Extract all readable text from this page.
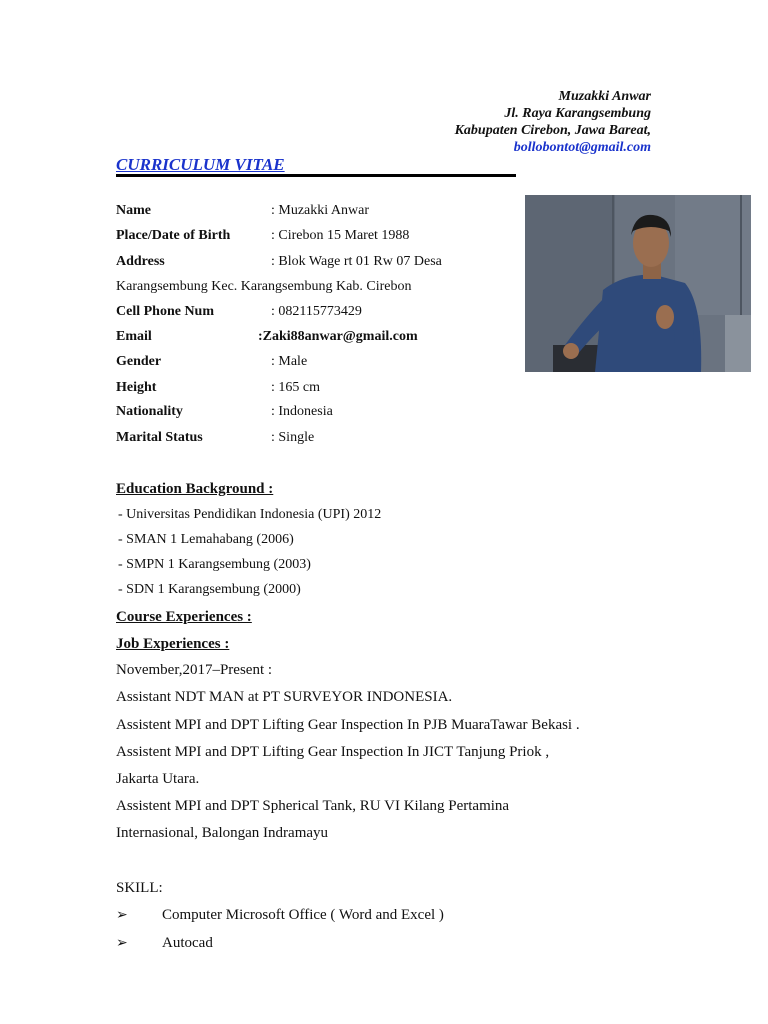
Muzakki Anwar
Jl. Raya Karangsembung
Kabupaten Cirebon, Jawa Bareat,
bollobontot@gmail.com
CURRICULUM VITAE
Name	: Muzakki Anwar
Place/Date of Birth	: Cirebon 15 Maret 1988
Address	: Blok Wage rt 01 Rw 07 Desa
Karangsembung Kec. Karangsembung Kab. Cirebon
Cell Phone Num	: 082115773429
Email	:Zaki88anwar@gmail.com
Gender	: Male
Height	: 165 cm
Nationality	: Indonesia
Marital Status	: Single
Education Background :
- Universitas Pendidikan Indonesia (UPI) 2012
- SMAN 1 Lemahabang (2006)
- SMPN 1 Karangsembung (2003)
- SDN 1 Karangsembung (2000)
Course Experiences :
Job Experiences :
November,2017–Present :
Assistant NDT MAN at PT SURVEYOR INDONESIA.
Assistent MPI and DPT Lifting Gear Inspection In PJB MuaraTawar Bekasi .
Assistent MPI and DPT Lifting Gear Inspection In JICT Tanjung Priok ,
Jakarta Utara.
Assistent MPI and DPT Spherical Tank, RU VI Kilang Pertamina
Internasional, Balongan Indramayu
SKILL:
➢ Computer Microsoft Office ( Word and Excel )
➢ Autocad
